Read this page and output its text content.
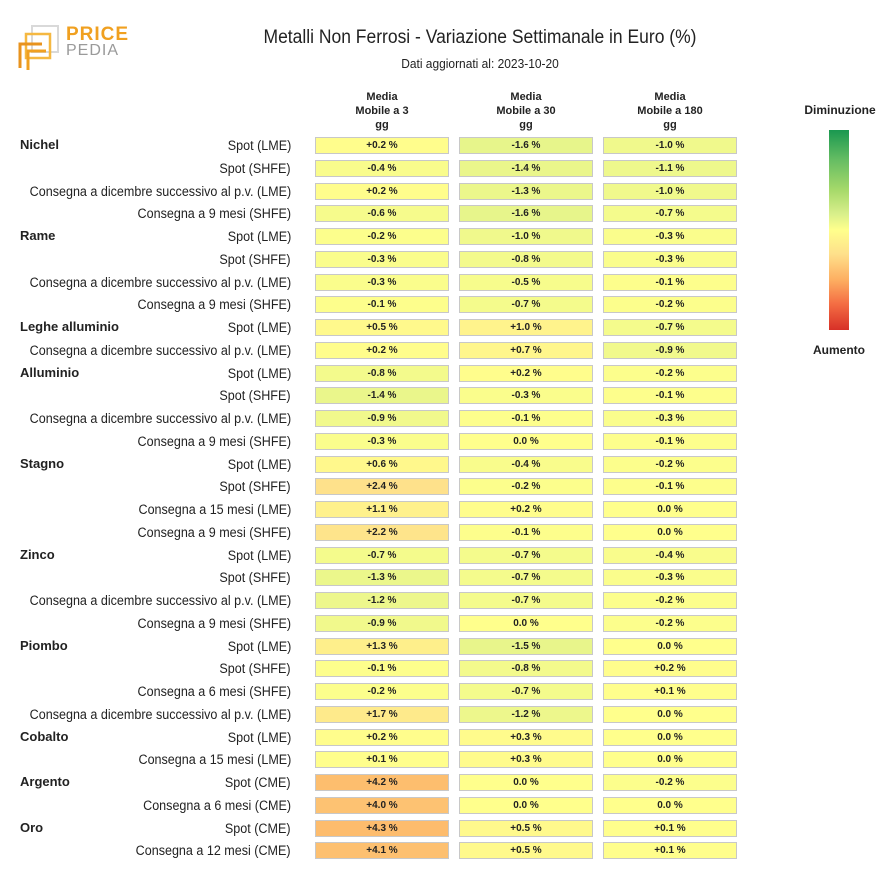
PRICE
PEDIA
Metalli Non Ferrosi - Variazione Settimanale in Euro (%)
Dati aggiornati al: 2023-10-20
Media
Mobile a 3
gg
Media
Mobile a 30
gg
Media
Mobile a 180
gg
Nichel	Spot (LME)	+0.2 %	-1.6 %	-1.0 %
Spot (SHFE)	-0.4 %	-1.4 %	-1.1 %
Consegna a dicembre successivo al p.v. (LME)	+0.2 %	-1.3 %	-1.0 %
Consegna a 9 mesi (SHFE)	-0.6 %	-1.6 %	-0.7 %
Rame	Spot (LME)	-0.2 %	-1.0 %	-0.3 %
Spot (SHFE)	-0.3 %	-0.8 %	-0.3 %
Consegna a dicembre successivo al p.v. (LME)	-0.3 %	-0.5 %	-0.1 %
Consegna a 9 mesi (SHFE)	-0.1 %	-0.7 %	-0.2 %
Leghe alluminio	Spot (LME)	+0.5 %	+1.0 %	-0.7 %
Consegna a dicembre successivo al p.v. (LME)	+0.2 %	+0.7 %	-0.9 %
Alluminio	Spot (LME)	-0.8 %	+0.2 %	-0.2 %
Spot (SHFE)	-1.4 %	-0.3 %	-0.1 %
Consegna a dicembre successivo al p.v. (LME)	-0.9 %	-0.1 %	-0.3 %
Consegna a 9 mesi (SHFE)	-0.3 %	0.0 %	-0.1 %
Stagno	Spot (LME)	+0.6 %	-0.4 %	-0.2 %
Spot (SHFE)	+2.4 %	-0.2 %	-0.1 %
Consegna a 15 mesi (LME)	+1.1 %	+0.2 %	0.0 %
Consegna a 9 mesi (SHFE)	+2.2 %	-0.1 %	0.0 %
Zinco	Spot (LME)	-0.7 %	-0.7 %	-0.4 %
Spot (SHFE)	-1.3 %	-0.7 %	-0.3 %
Consegna a dicembre successivo al p.v. (LME)	-1.2 %	-0.7 %	-0.2 %
Consegna a 9 mesi (SHFE)	-0.9 %	0.0 %	-0.2 %
Piombo	Spot (LME)	+1.3 %	-1.5 %	0.0 %
Spot (SHFE)	-0.1 %	-0.8 %	+0.2 %
Consegna a 6 mesi (SHFE)	-0.2 %	-0.7 %	+0.1 %
Consegna a dicembre successivo al p.v. (LME)	+1.7 %	-1.2 %	0.0 %
Cobalto	Spot (LME)	+0.2 %	+0.3 %	0.0 %
Consegna a 15 mesi (LME)	+0.1 %	+0.3 %	0.0 %
Argento	Spot (CME)	+4.2 %	0.0 %	-0.2 %
Consegna a 6 mesi (CME)	+4.0 %	0.0 %	0.0 %
Oro	Spot (CME)	+4.3 %	+0.5 %	+0.1 %
Consegna a 12 mesi (CME)	+4.1 %	+0.5 %	+0.1 %
Diminuzione
Aumento
